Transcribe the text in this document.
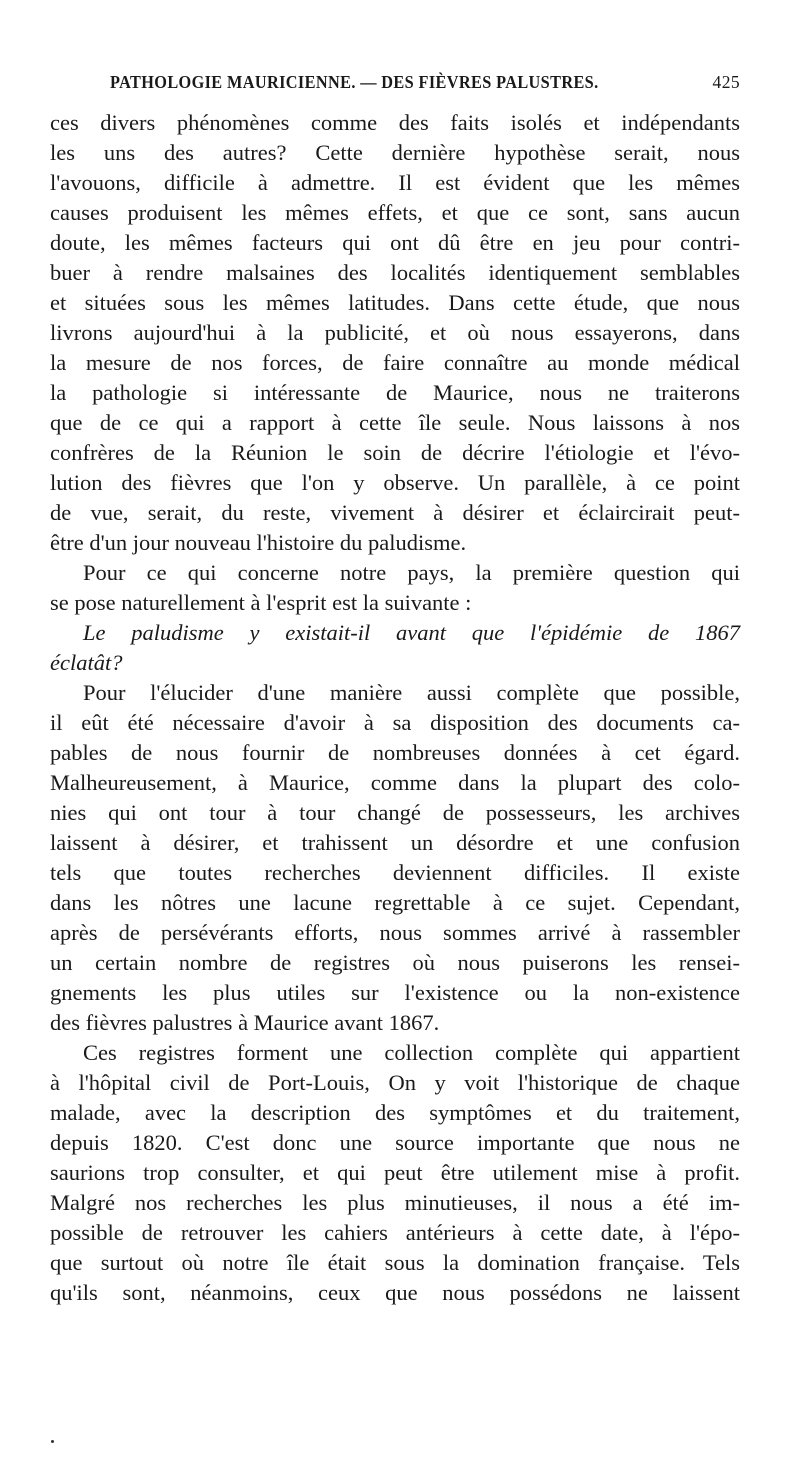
PATHOLOGIE MAURICIENNE. — DES FIÈVRES PALUSTRES.	425
ces divers phénomènes comme des faits isolés et indépendants
les uns des autres? Cette dernière hypothèse serait, nous
l'avouons, difficile à admettre. Il est évident que les mêmes
causes produisent les mêmes effets, et que ce sont, sans aucun
doute, les mêmes facteurs qui ont dû être en jeu pour contri-
buer à rendre malsaines des localités identiquement semblables
et situées sous les mêmes latitudes. Dans cette étude, que nous
livrons aujourd'hui à la publicité, et où nous essayerons, dans
la mesure de nos forces, de faire connaître au monde médical
la pathologie si intéressante de Maurice, nous ne traiterons
que de ce qui a rapport à cette île seule. Nous laissons à nos
confrères de la Réunion le soin de décrire l'étiologie et l'évo-
lution des fièvres que l'on y observe. Un parallèle, à ce point
de vue, serait, du reste, vivement à désirer et éclaircirait peut-
être d'un jour nouveau l'histoire du paludisme.
Pour ce qui concerne notre pays, la première question qui
se pose naturellement à l'esprit est la suivante :
Le paludisme y existait-il avant que l'épidémie de 1867
éclatât?
Pour l'élucider d'une manière aussi complète que possible,
il eût été nécessaire d'avoir à sa disposition des documents ca-
pables de nous fournir de nombreuses données à cet égard.
Malheureusement, à Maurice, comme dans la plupart des colo-
nies qui ont tour à tour changé de possesseurs, les archives
laissent à désirer, et trahissent un désordre et une confusion
tels que toutes recherches deviennent difficiles. Il existe
dans les nôtres une lacune regrettable à ce sujet. Cependant,
après de persévérants efforts, nous sommes arrivé à rassembler
un certain nombre de registres où nous puiserons les rensei-
gnements les plus utiles sur l'existence ou la non-existence
des fièvres palustres à Maurice avant 1867.
Ces registres forment une collection complète qui appartient
à l'hôpital civil de Port-Louis, On y voit l'historique de chaque
malade, avec la description des symptômes et du traitement,
depuis 1820. C'est donc une source importante que nous ne
saurions trop consulter, et qui peut être utilement mise à profit.
Malgré nos recherches les plus minutieuses, il nous a été im-
possible de retrouver les cahiers antérieurs à cette date, à l'épo-
que surtout où notre île était sous la domination française. Tels
qu'ils sont, néanmoins, ceux que nous possédons ne laissent
